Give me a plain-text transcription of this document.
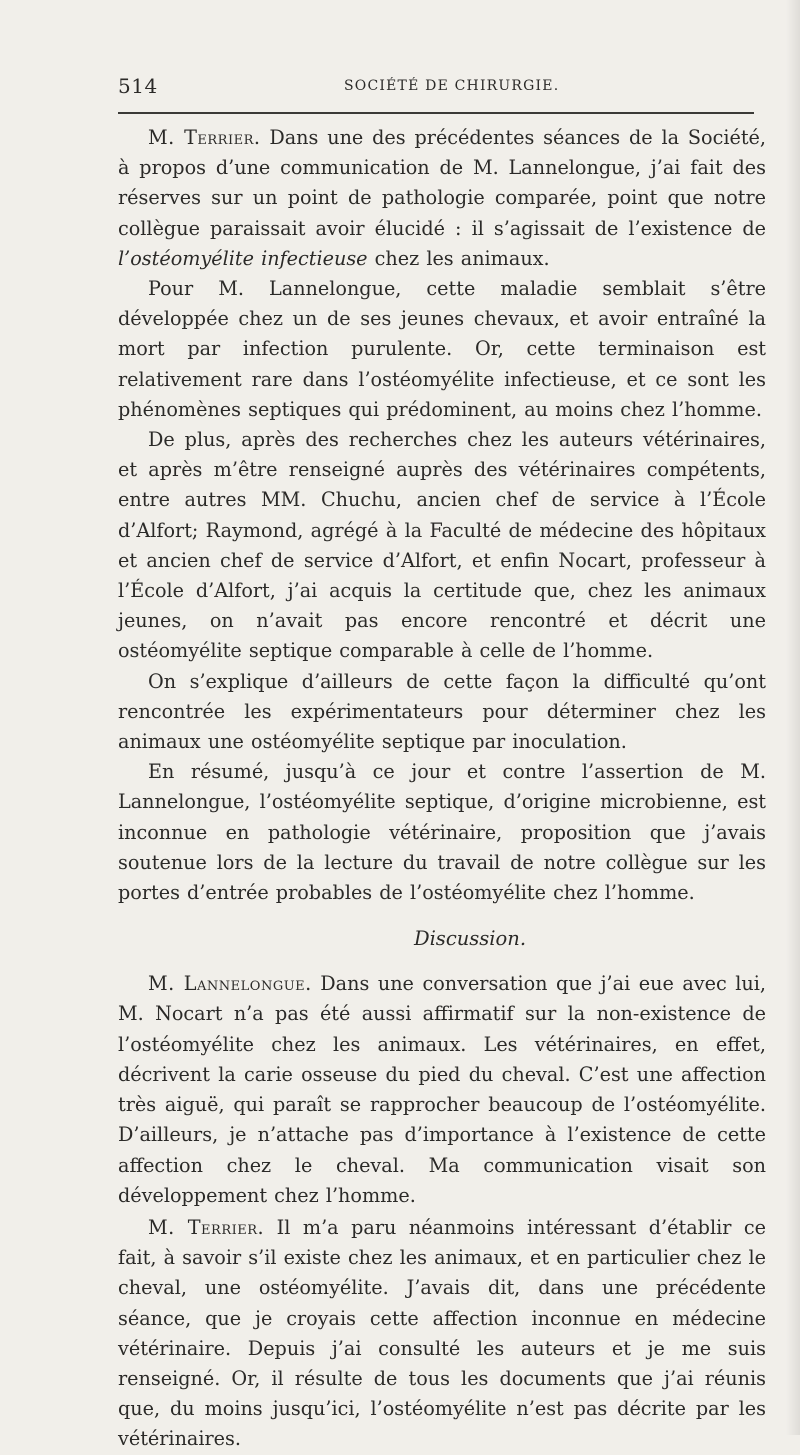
514	SOCIÉTÉ DE CHIRURGIE.

M. Terrier. Dans une des précédentes séances de la Société, à propos d’une communication de M. Lannelongue, j’ai fait des réserves sur un point de pathologie comparée, point que notre collègue paraissait avoir élucidé : il s’agissait de l’existence de l’ostéomyélite infectieuse chez les animaux.

Pour M. Lannelongue, cette maladie semblait s’être développée chez un de ses jeunes chevaux, et avoir entraîné la mort par infection purulente. Or, cette terminaison est relativement rare dans l’ostéomyélite infectieuse, et ce sont les phénomènes septiques qui prédominent, au moins chez l’homme.

De plus, après des recherches chez les auteurs vétérinaires, et après m’être renseigné auprès des vétérinaires compétents, entre autres MM. Chuchu, ancien chef de service à l’École d’Alfort; Raymond, agrégé à la Faculté de médecine des hôpitaux et ancien chef de service d’Alfort, et enfin Nocart, professeur à l’École d’Alfort, j’ai acquis la certitude que, chez les animaux jeunes, on n’avait pas encore rencontré et décrit une ostéomyélite septique comparable à celle de l’homme.

On s’explique d’ailleurs de cette façon la difficulté qu’ont rencontrée les expérimentateurs pour déterminer chez les animaux une ostéomyélite septique par inoculation.

En résumé, jusqu’à ce jour et contre l’assertion de M. Lannelongue, l’ostéomyélite septique, d’origine microbienne, est inconnue en pathologie vétérinaire, proposition que j’avais soutenue lors de la lecture du travail de notre collègue sur les portes d’entrée probables de l’ostéomyélite chez l’homme.

Discussion.

M. Lannelongue. Dans une conversation que j’ai eue avec lui, M. Nocart n’a pas été aussi affirmatif sur la non-existence de l’ostéomyélite chez les animaux. Les vétérinaires, en effet, décrivent la carie osseuse du pied du cheval. C’est une affection très aiguë, qui paraît se rapprocher beaucoup de l’ostéomyélite. D’ailleurs, je n’attache pas d’importance à l’existence de cette affection chez le cheval. Ma communication visait son développement chez l’homme.

M. Terrier. Il m’a paru néanmoins intéressant d’établir ce fait, à savoir s’il existe chez les animaux, et en particulier chez le cheval, une ostéomyélite. J’avais dit, dans une précédente séance, que je croyais cette affection inconnue en médecine vétérinaire. Depuis j’ai consulté les auteurs et je me suis renseigné. Or, il résulte de tous les documents que j’ai réunis que, du moins jusqu’ici, l’ostéomyélite n’est pas décrite par les vétérinaires.
